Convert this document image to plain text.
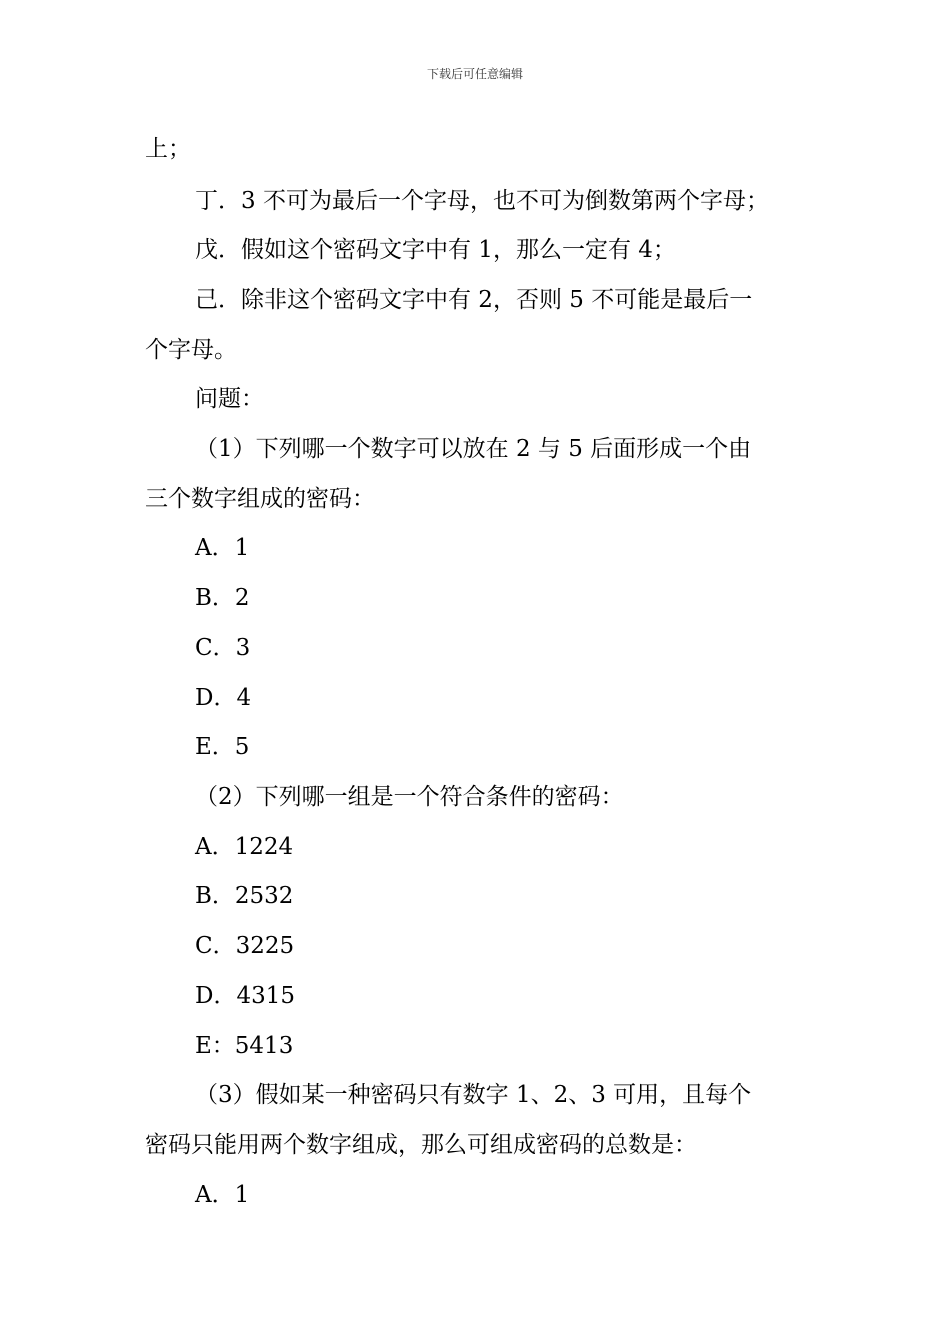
下载后可任意编辑
上；
丁．3 不可为最后一个字母，也不可为倒数第两个字母；
戊．假如这个密码文字中有 1，那么一定有 4；
己．除非这个密码文字中有 2，否则 5 不可能是最后一
个字母。
问题：
（1）下列哪一个数字可以放在 2 与 5 后面形成一个由
三个数字组成的密码：
A．1
B．2
C．3
D．4
E．5
（2）下列哪一组是一个符合条件的密码：
A．1224
B．2532
C．3225
D．4315
E：5413
（3）假如某一种密码只有数字 1、2、3 可用，且每个
密码只能用两个数字组成，那么可组成密码的总数是：
A．1
